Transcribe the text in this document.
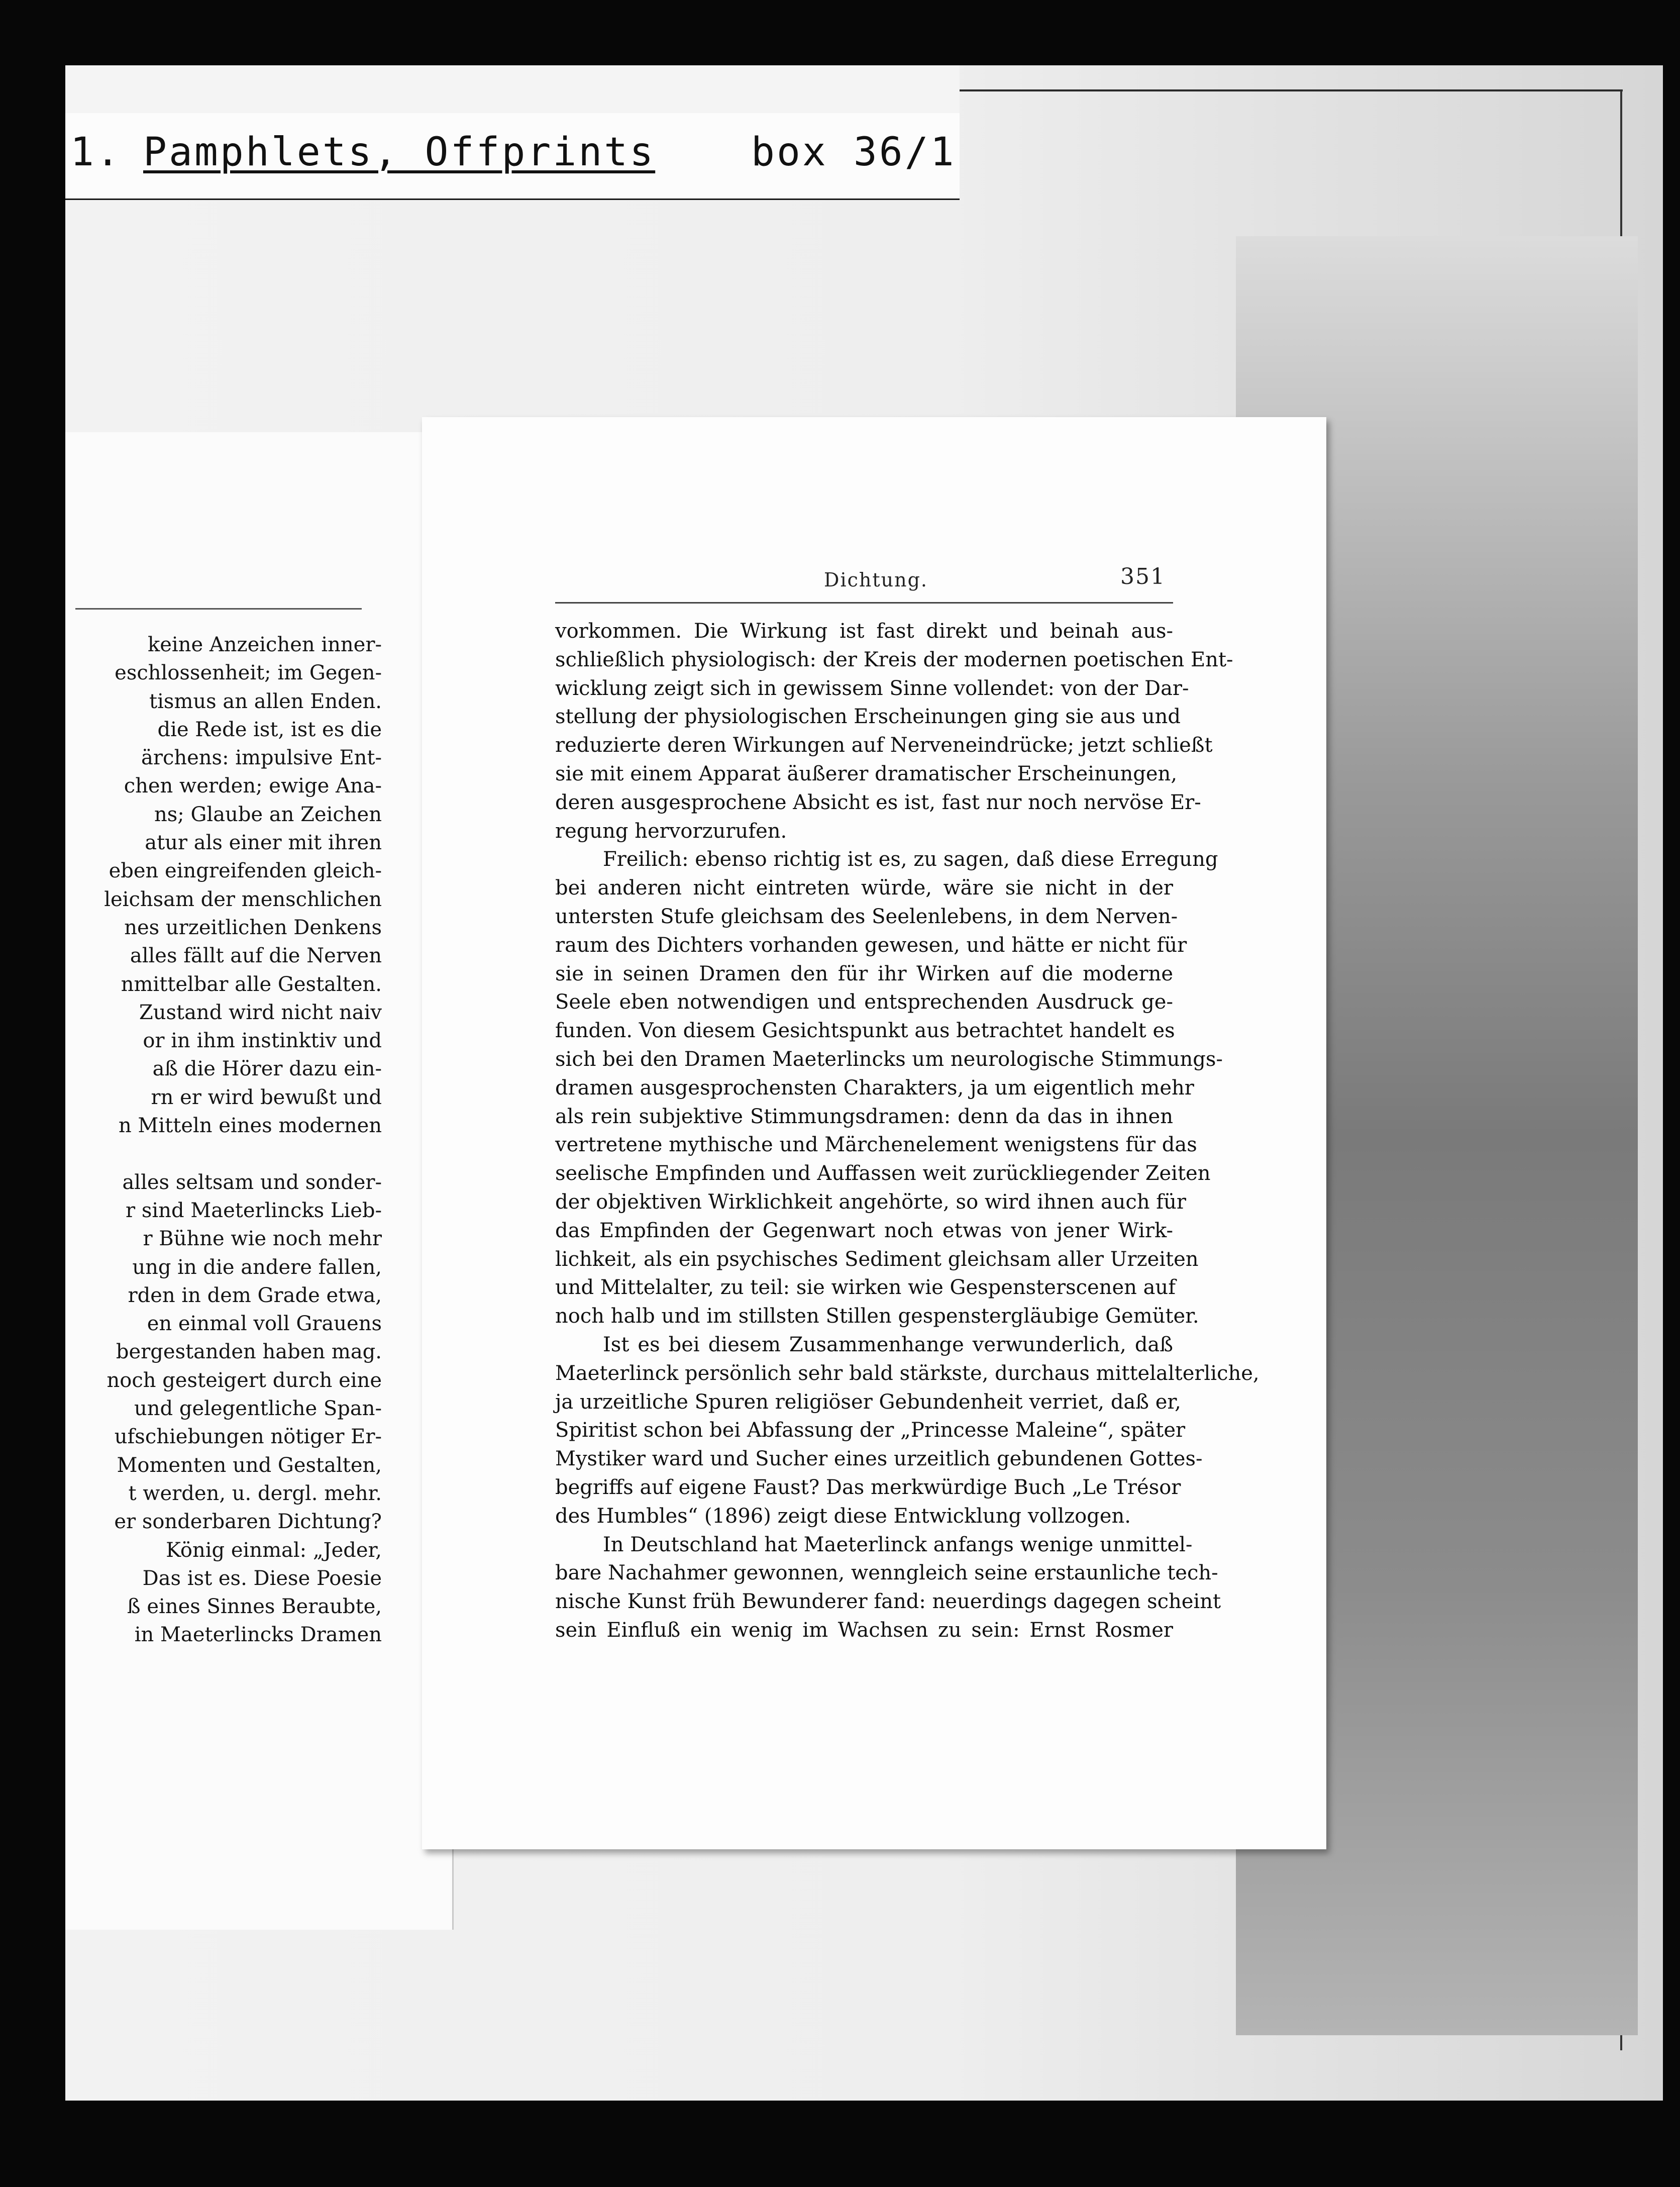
1. Pamphlets, Offprints box 36/1
keine Anzeichen inner-
eschlossenheit; im Gegen-
tismus an allen Enden.
die Rede ist, ist es die
ärchens: impulsive Ent-
chen werden; ewige Ana-
ns; Glaube an Zeichen
atur als einer mit ihren
eben eingreifenden gleich-
leichsam der menschlichen
nes urzeitlichen Denkens
alles fällt auf die Nerven
nmittelbar alle Gestalten.
Zustand wird nicht naiv
or in ihm instinktiv und
aß die Hörer dazu ein-
rn er wird bewußt und
n Mitteln eines modernen
alles seltsam und sonder-
r sind Maeterlincks Lieb-
r Bühne wie noch mehr
ung in die andere fallen,
rden in dem Grade etwa,
en einmal voll Grauens
bergestanden haben mag.
noch gesteigert durch eine
und gelegentliche Span-
ufschiebungen nötiger Er-
Momenten und Gestalten,
t werden, u. dergl. mehr.
er sonderbaren Dichtung?
König einmal: „Jeder,
Das ist es. Diese Poesie
ß eines Sinnes Beraubte,
in Maeterlincks Dramen
Dichtung.	351
vorkommen. Die Wirkung ist fast direkt und beinah aus-
schließlich physiologisch: der Kreis der modernen poetischen Ent-
wicklung zeigt sich in gewissem Sinne vollendet: von der Dar-
stellung der physiologischen Erscheinungen ging sie aus und
reduzierte deren Wirkungen auf Nerveneindrücke; jetzt schließt
sie mit einem Apparat äußerer dramatischer Erscheinungen,
deren ausgesprochene Absicht es ist, fast nur noch nervöse Er-
regung hervorzurufen.
Freilich: ebenso richtig ist es, zu sagen, daß diese Erregung
bei anderen nicht eintreten würde, wäre sie nicht in der
untersten Stufe gleichsam des Seelenlebens, in dem Nerven-
raum des Dichters vorhanden gewesen, und hätte er nicht für
sie in seinen Dramen den für ihr Wirken auf die moderne
Seele eben notwendigen und entsprechenden Ausdruck ge-
funden. Von diesem Gesichtspunkt aus betrachtet handelt es
sich bei den Dramen Maeterlincks um neurologische Stimmungs-
dramen ausgesprochensten Charakters, ja um eigentlich mehr
als rein subjektive Stimmungsdramen: denn da das in ihnen
vertretene mythische und Märchenelement wenigstens für das
seelische Empfinden und Auffassen weit zurückliegender Zeiten
der objektiven Wirklichkeit angehörte, so wird ihnen auch für
das Empfinden der Gegenwart noch etwas von jener Wirk-
lichkeit, als ein psychisches Sediment gleichsam aller Urzeiten
und Mittelalter, zu teil: sie wirken wie Gespensterscenen auf
noch halb und im stillsten Stillen gespenstergläubige Gemüter.
Ist es bei diesem Zusammenhange verwunderlich, daß
Maeterlinck persönlich sehr bald stärkste, durchaus mittelalterliche,
ja urzeitliche Spuren religiöser Gebundenheit verriet, daß er,
Spiritist schon bei Abfassung der „Princesse Maleine“, später
Mystiker ward und Sucher eines urzeitlich gebundenen Gottes-
begriffs auf eigene Faust? Das merkwürdige Buch „Le Trésor
des Humbles“ (1896) zeigt diese Entwicklung vollzogen.
In Deutschland hat Maeterlinck anfangs wenige unmittel-
bare Nachahmer gewonnen, wenngleich seine erstaunliche tech-
nische Kunst früh Bewunderer fand: neuerdings dagegen scheint
sein Einfluß ein wenig im Wachsen zu sein: Ernst Rosmer
